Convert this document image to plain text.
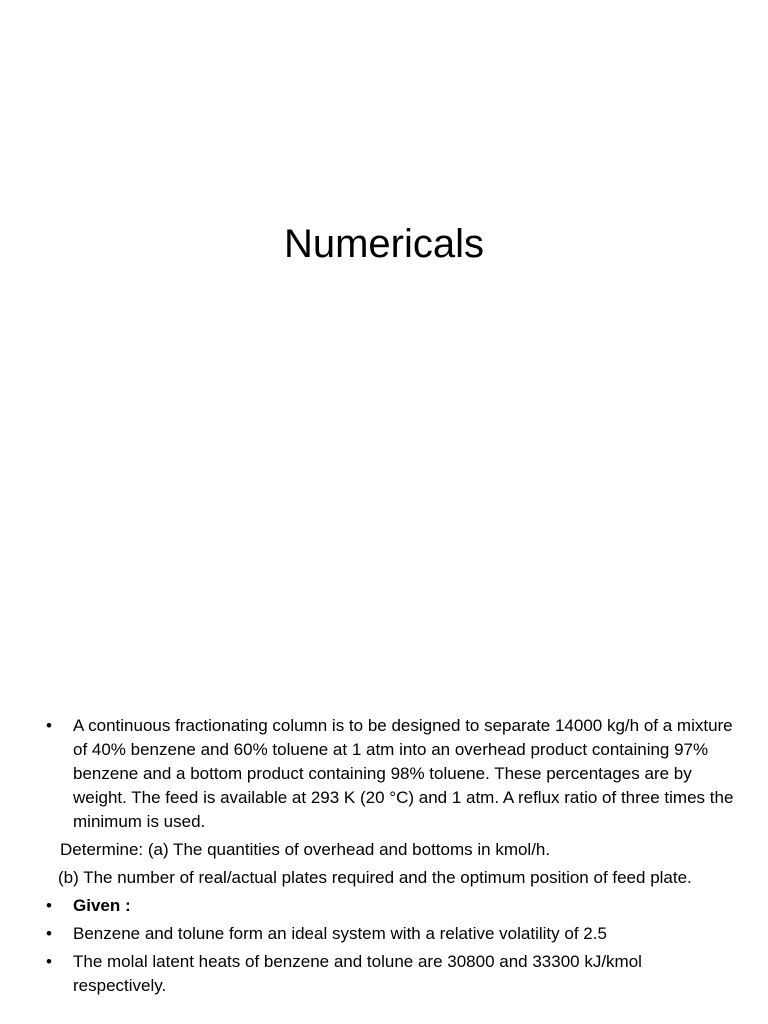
Numericals
•	A continuous fractionating column is to be designed to separate 14000 kg/h of a mixture of 40% benzene and 60% toluene at 1 atm into an overhead product containing 97% benzene and a bottom product containing 98% toluene. These percentages are by weight. The feed is available at 293 K (20 °C) and 1 atm. A reflux ratio of three times the minimum is used.
Determine: (a) The quantities of overhead and bottoms in kmol/h.
(b) The number of real/actual plates required and the optimum position of feed plate.
•	Given :
•	Benzene and tolune form an ideal system with a relative volatility of 2.5
•	The molal latent heats of benzene and tolune are 30800 and 33300 kJ/kmol respectively.
